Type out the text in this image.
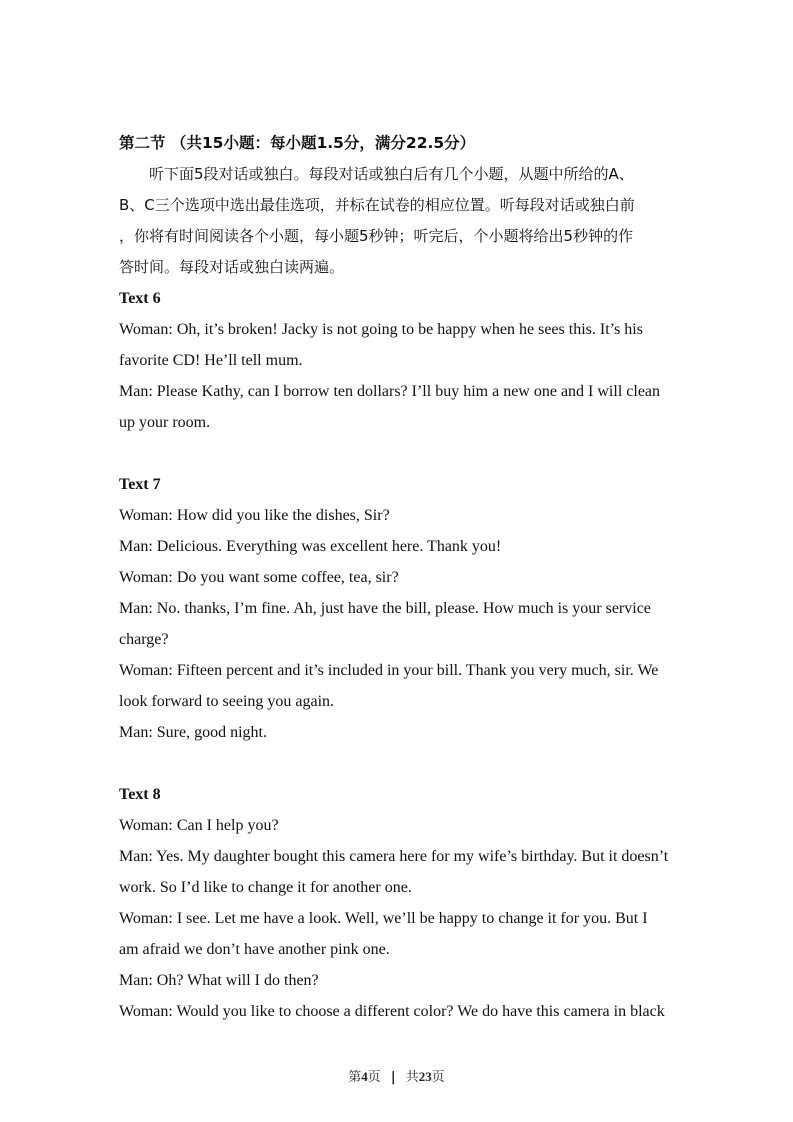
第二节 （共15小题：每小题1.5分，满分22.5分）
听下面5段对话或独白。每段对话或独白后有几个小题，从题中所给的A、
B、C三个选项中选出最佳选项，并标在试卷的相应位置。听每段对话或独白前
，你将有时间阅读各个小题，每小题5秒钟；听完后，个小题将给出5秒钟的作
答时间。每段对话或独白读两遍。
Text 6
Woman: Oh, it’s broken! Jacky is not going to be happy when he sees this. It’s his
favorite CD! He’ll tell mum.
Man: Please Kathy, can I borrow ten dollars? I’ll buy him a new one and I will clean
up your room.
Text 7
Woman: How did you like the dishes, Sir?
Man: Delicious. Everything was excellent here. Thank you!
Woman: Do you want some coffee, tea, sir?
Man: No. thanks, I’m fine. Ah, just have the bill, please. How much is your service
charge?
Woman: Fifteen percent and it’s included in your bill. Thank you very much, sir. We
look forward to seeing you again.
Man: Sure, good night.
Text 8
Woman: Can I help you?
Man: Yes. My daughter bought this camera here for my wife’s birthday. But it doesn’t
work. So I’d like to change it for another one.
Woman: I see. Let me have a look. Well, we’ll be happy to change it for you. But I
am afraid we don’t have another pink one.
Man: Oh? What will I do then?
Woman: Would you like to choose a different color? We do have this camera in black
第4页 | 共23页
